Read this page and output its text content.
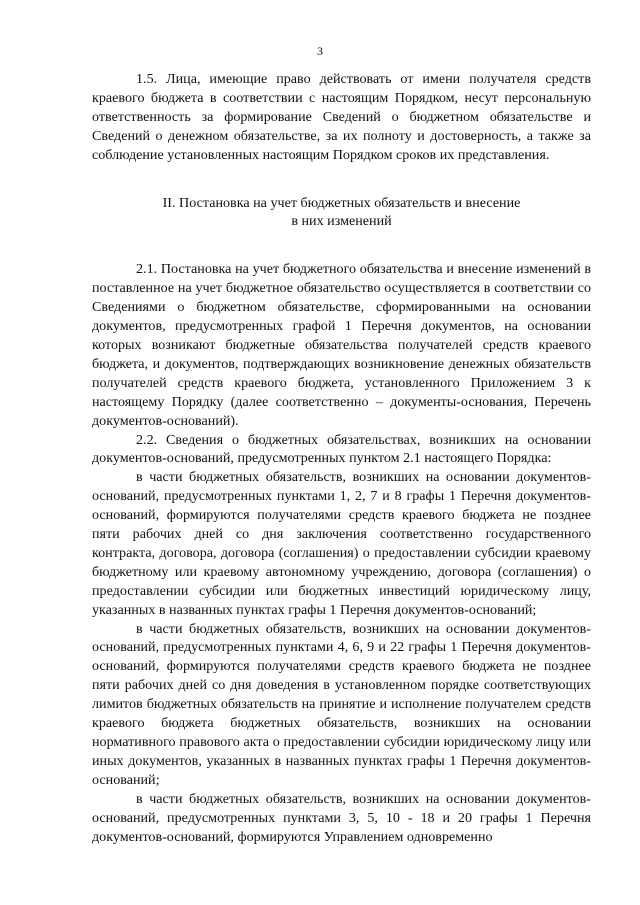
3

1.5. Лица, имеющие право действовать от имени получателя средств краевого бюджета в соответствии с настоящим Порядком, несут персональную ответственность за формирование Сведений о бюджетном обязательстве и Сведений о денежном обязательстве, за их полноту и достоверность, а также за соблюдение установленных настоящим Порядком сроков их представления.

II. Постановка на учет бюджетных обязательств и внесение
в них изменений

2.1. Постановка на учет бюджетного обязательства и внесение изменений в поставленное на учет бюджетное обязательство осуществляется в соответствии со Сведениями о бюджетном обязательстве, сформированными на основании документов, предусмотренных графой 1 Перечня документов, на основании которых возникают бюджетные обязательства получателей средств краевого бюджета, и документов, подтверждающих возникновение денежных обязательств получателей средств краевого бюджета, установленного Приложением 3 к настоящему Порядку (далее соответственно – документы-основания, Перечень документов-оснований).

2.2. Сведения о бюджетных обязательствах, возникших на основании документов-оснований, предусмотренных пунктом 2.1 настоящего Порядка:

в части бюджетных обязательств, возникших на основании документов-оснований, предусмотренных пунктами 1, 2, 7 и 8 графы 1 Перечня документов-оснований, формируются получателями средств краевого бюджета не позднее пяти рабочих дней со дня заключения соответственно государственного контракта, договора, договора (соглашения) о предоставлении субсидии краевому бюджетному или краевому автономному учреждению, договора (соглашения) о предоставлении субсидии или бюджетных инвестиций юридическому лицу, указанных в названных пунктах графы 1 Перечня документов-оснований;

в части бюджетных обязательств, возникших на основании документов-оснований, предусмотренных пунктами 4, 6, 9 и 22 графы 1 Перечня документов-оснований, формируются получателями средств краевого бюджета не позднее пяти рабочих дней со дня доведения в установленном порядке соответствующих лимитов бюджетных обязательств на принятие и исполнение получателем средств краевого бюджета бюджетных обязательств, возникших на основании нормативного правового акта о предоставлении субсидии юридическому лицу или иных документов, указанных в названных пунктах графы 1 Перечня документов-оснований;

в части бюджетных обязательств, возникших на основании документов-оснований, предусмотренных пунктами 3, 5, 10 - 18 и 20 графы 1 Перечня документов-оснований, формируются Управлением одновременно
